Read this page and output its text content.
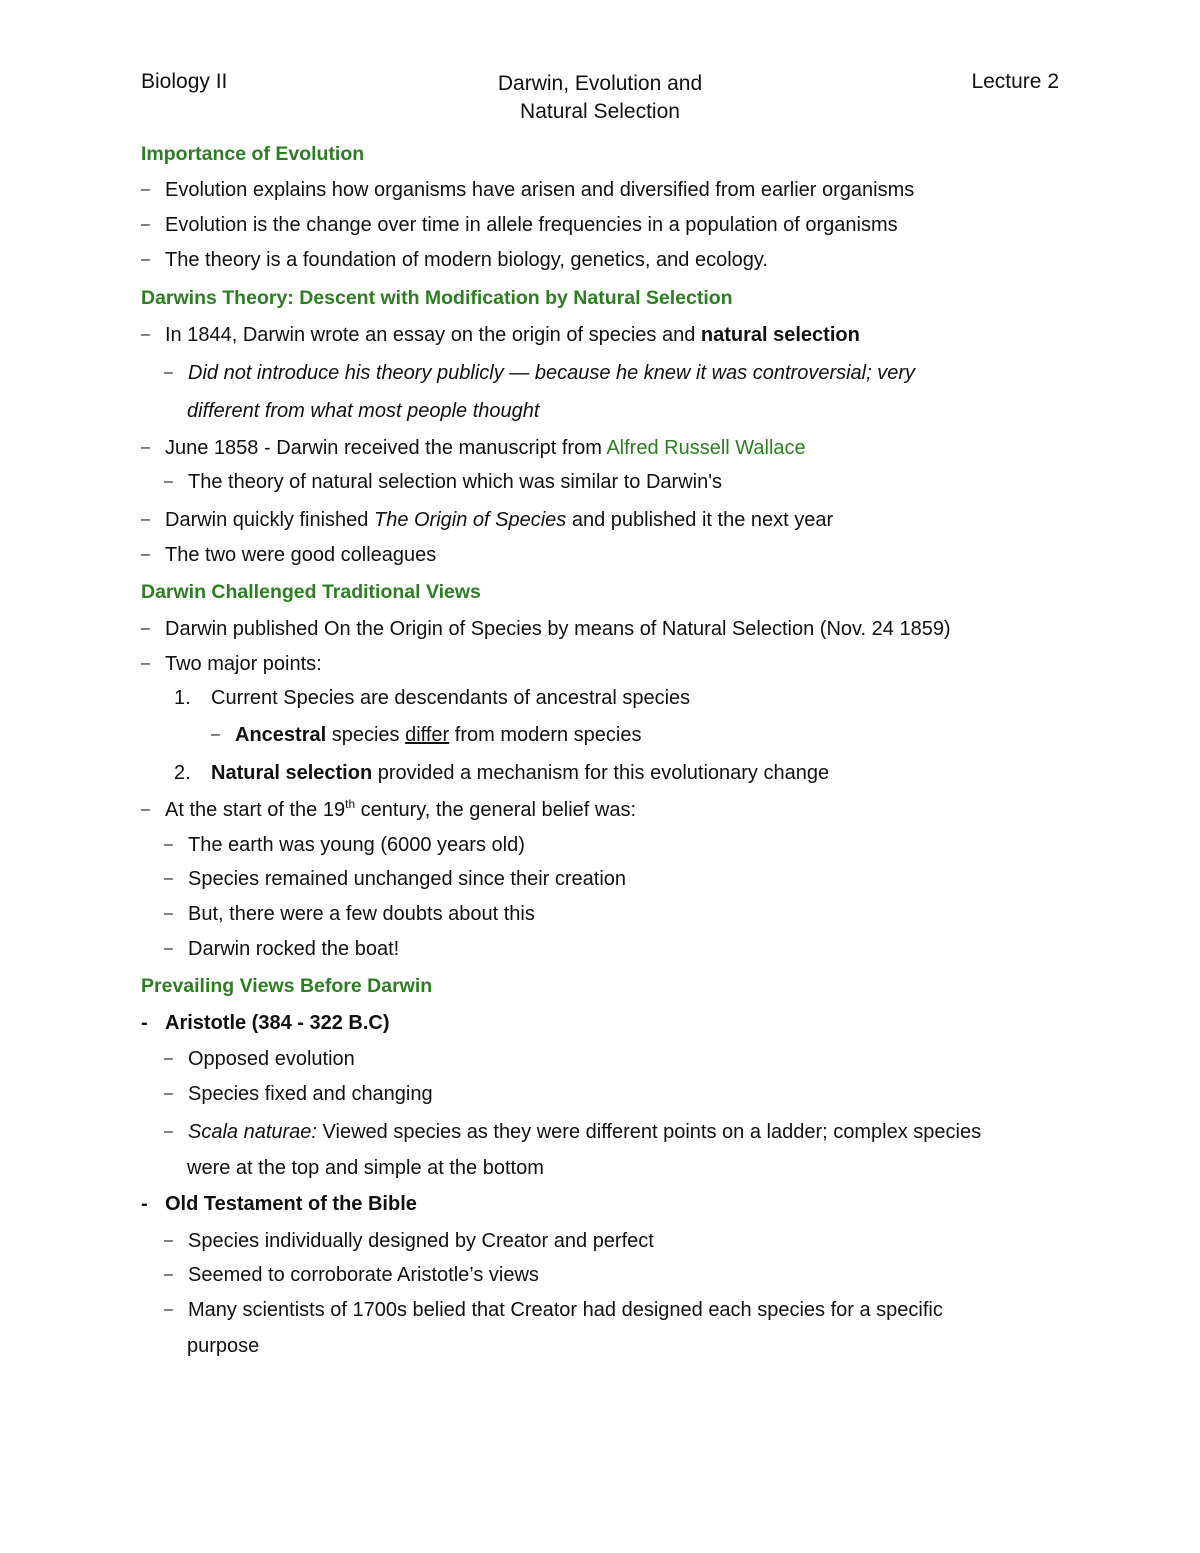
Biology II	Darwin, Evolution and
Natural Selection
Lecture 2
Importance of Evolution
– Evolution explains how organisms have arisen and diversified from earlier organisms
– Evolution is the change over time in allele frequencies in a population of organisms
– The theory is a foundation of modern biology, genetics, and ecology.
Darwins Theory: Descent with Modification by Natural Selection
– In 1844, Darwin wrote an essay on the origin of species and natural selection
– Did not introduce his theory publicly — because he knew it was controversial; very
different from what most people thought
– June 1858 - Darwin received the manuscript from Alfred Russell Wallace
– The theory of natural selection which was similar to Darwin's
– Darwin quickly finished The Origin of Species and published it the next year
– The two were good colleagues
Darwin Challenged Traditional Views
– Darwin published On the Origin of Species by means of Natural Selection (Nov. 24 1859)
– Two major points:
1. Current Species are descendants of ancestral species
– Ancestral species differ from modern species
2. Natural selection provided a mechanism for this evolutionary change
– At the start of the 19th century, the general belief was:
– The earth was young (6000 years old)
– Species remained unchanged since their creation
– But, there were a few doubts about this
– Darwin rocked the boat!
Prevailing Views Before Darwin
- Aristotle (384 - 322 B.C)
– Opposed evolution
– Species fixed and changing
– Scala naturae: Viewed species as they were different points on a ladder; complex species
were at the top and simple at the bottom
- Old Testament of the Bible
– Species individually designed by Creator and perfect
– Seemed to corroborate Aristotle’s views
– Many scientists of 1700s belied that Creator had designed each species for a specific
purpose
